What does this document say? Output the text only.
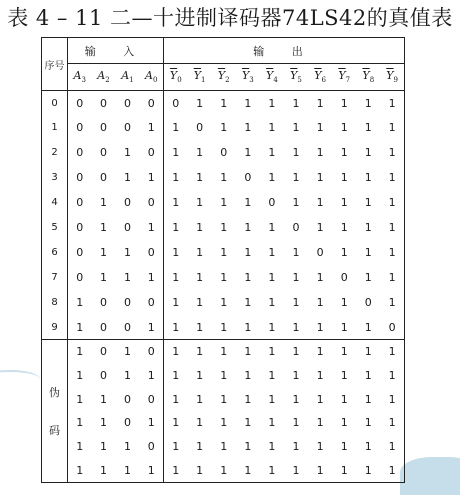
表 4 – 11 二—十进制译码器74LS42的真值表
序号	输 入				输 出									
	$A_3$	$A_2$	$A_1$	$A_0$	$\overline{Y}_0$	$\overline{Y}_1$	$\overline{Y}_2$	$\overline{Y}_3$	$\overline{Y}_4$	$\overline{Y}_5$	$\overline{Y}_6$	$\overline{Y}_7$	$\overline{Y}_8$	$\overline{Y}_9$
0	0	0	0	0	0	1	1	1	1	1	1	1	1	1
1	0	0	0	1	1	0	1	1	1	1	1	1	1	1
2	0	0	1	0	1	1	0	1	1	1	1	1	1	1
3	0	0	1	1	1	1	1	0	1	1	1	1	1	1
4	0	1	0	0	1	1	1	1	0	1	1	1	1	1
5	0	1	0	1	1	1	1	1	1	0	1	1	1	1
6	0	1	1	0	1	1	1	1	1	1	0	1	1	1
7	0	1	1	1	1	1	1	1	1	1	1	0	1	1
8	1	0	0	0	1	1	1	1	1	1	1	1	0	1
9	1	0	0	1	1	1	1	1	1	1	1	1	1	0

伪
码	1	0	1	0	1	1	1	1	1	1	1	1	1	1
	1	0	1	1	1	1	1	1	1	1	1	1	1	1
	1	1	0	0	1	1	1	1	1	1	1	1	1	1
	1	1	0	1	1	1	1	1	1	1	1	1	1	1
	1	1	1	0	1	1	1	1	1	1	1	1	1	1
	1	1	1	1	1	1	1	1	1	1	1	1	1	1
